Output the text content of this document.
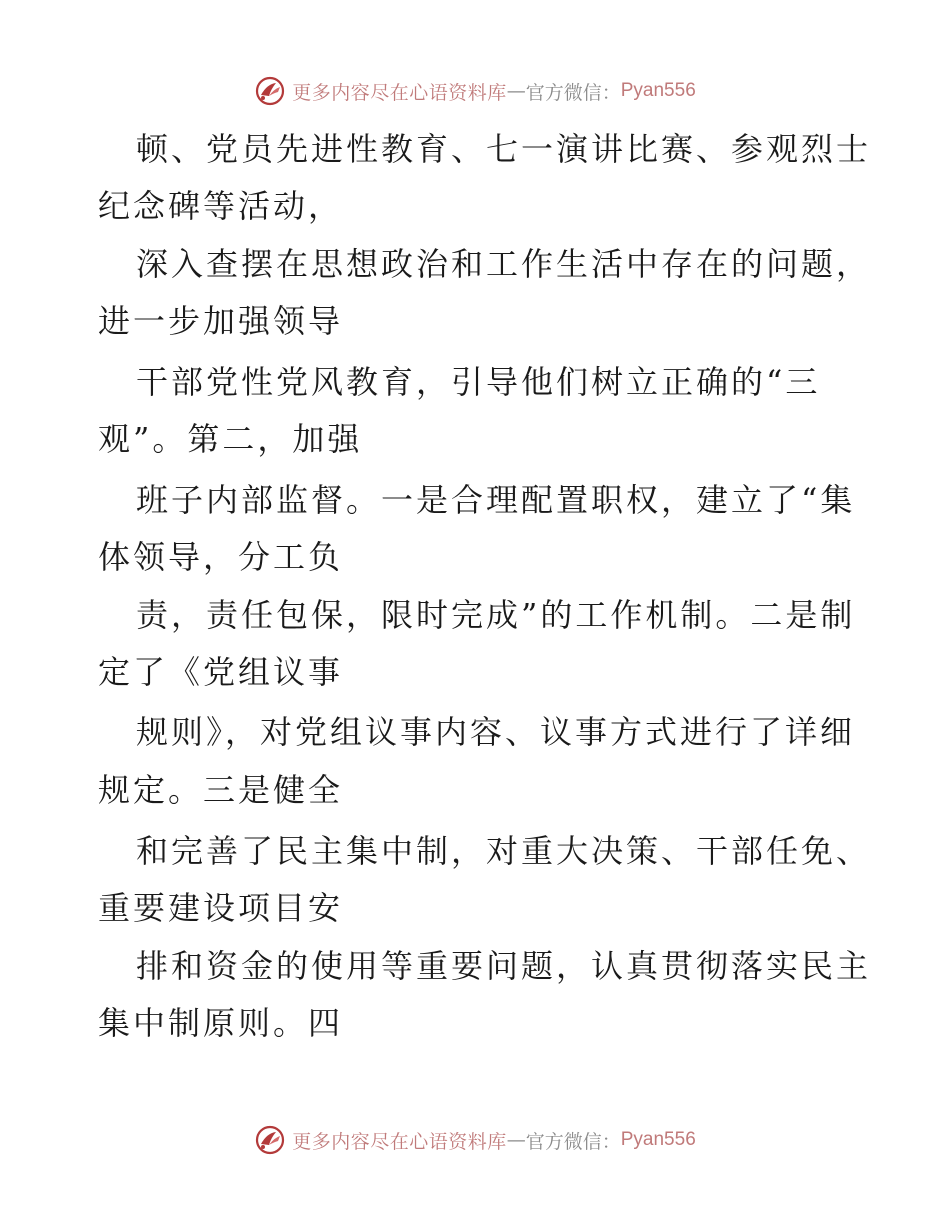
更多内容尽在心语资料库 — 官方微信： Pyan556
顿、党员先进性教育、七一演讲比赛、参观烈士
纪念碑等活动，
深入查摆在思想政治和工作生活中存在的问题，
进一步加强领导
干部党性党风教育，引导他们树立正确的“三
观”。第二，加强
班子内部监督。一是合理配置职权，建立了“集
体领导，分工负
责，责任包保，限时完成”的工作机制。二是制
定了《党组议事
规则》，对党组议事内容、议事方式进行了详细
规定。三是健全
和完善了民主集中制，对重大决策、干部任免、
重要建设项目安
排和资金的使用等重要问题，认真贯彻落实民主
集中制原则。四
更多内容尽在心语资料库 — 官方微信： Pyan556
